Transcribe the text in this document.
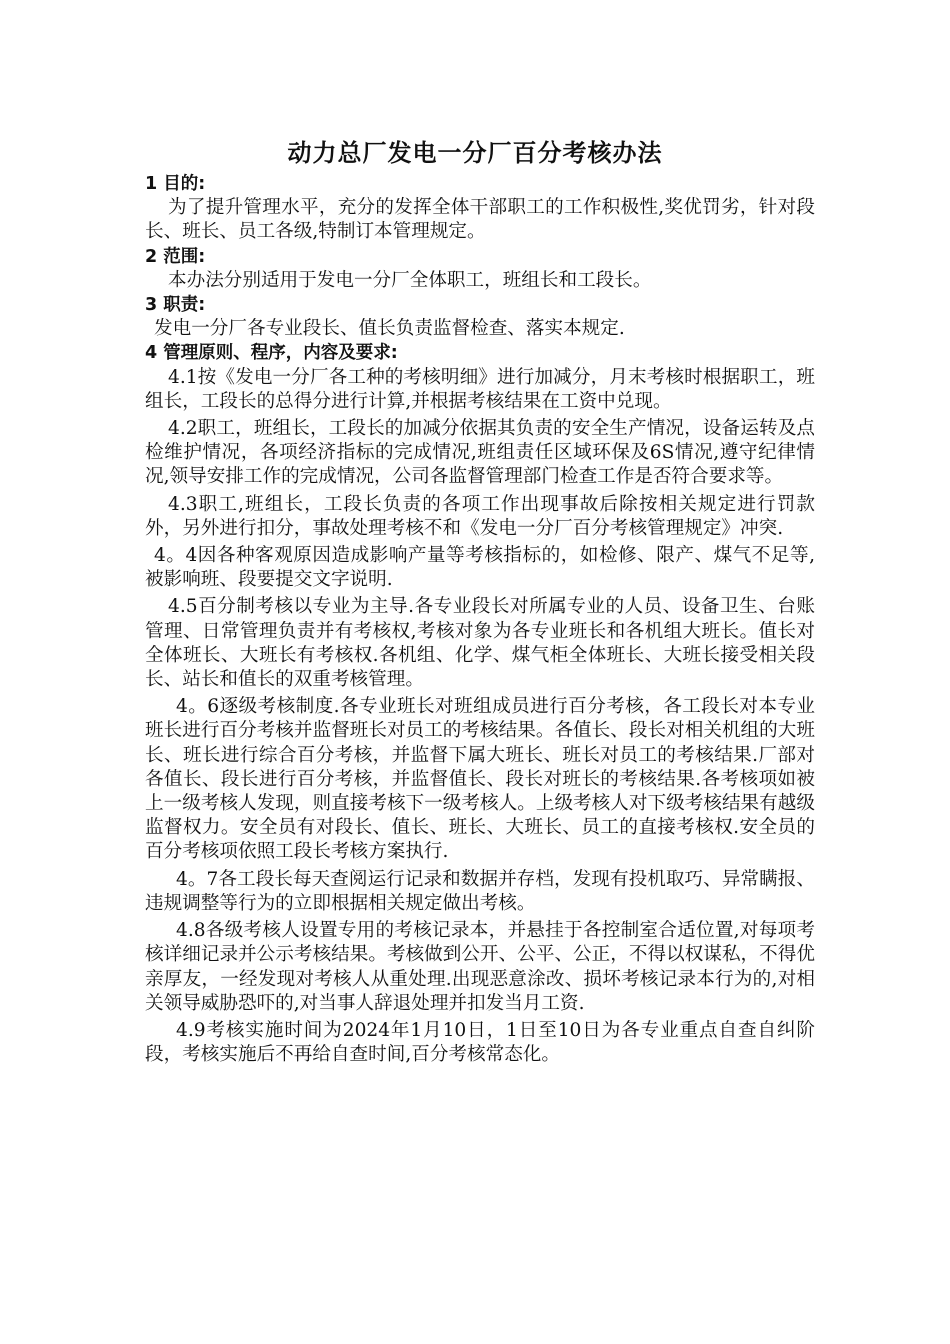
动力总厂发电一分厂百分考核办法
1 目的:

为了提升管理水平，充分的发挥全体干部职工的工作积极性,奖优罚劣，针对段长、班长、员工各级,特制订本管理规定。

2 范围:

本办法分别适用于发电一分厂全体职工，班组长和工段长。

3 职责:

发电一分厂各专业段长、值长负责监督检查、落实本规定.

4 管理原则、程序，内容及要求:

4.1按《发电一分厂各工种的考核明细》进行加减分，月末考核时根据职工，班组长，工段长的总得分进行计算,并根据考核结果在工资中兑现。

4.2职工，班组长，工段长的加减分依据其负责的安全生产情况，设备运转及点检维护情况，各项经济指标的完成情况,班组责任区域环保及6S情况,遵守纪律情况,领导安排工作的完成情况，公司各监督管理部门检查工作是否符合要求等。

4.3职工,班组长，工段长负责的各项工作出现事故后除按相关规定进行罚款外，另外进行扣分，事故处理考核不和《发电一分厂百分考核管理规定》冲突.

4。4因各种客观原因造成影响产量等考核指标的，如检修、限产、煤气不足等,被影响班、段要提交文字说明.

4.5百分制考核以专业为主导.各专业段长对所属专业的人员、设备卫生、台账管理、日常管理负责并有考核权,考核对象为各专业班长和各机组大班长。值长对全体班长、大班长有考核权.各机组、化学、煤气柜全体班长、大班长接受相关段长、站长和值长的双重考核管理。

4。6逐级考核制度.各专业班长对班组成员进行百分考核，各工段长对本专业班长进行百分考核并监督班长对员工的考核结果。各值长、段长对相关机组的大班长、班长进行综合百分考核，并监督下属大班长、班长对员工的考核结果.厂部对各值长、段长进行百分考核，并监督值长、段长对班长的考核结果.各考核项如被上一级考核人发现，则直接考核下一级考核人。上级考核人对下级考核结果有越级监督权力。安全员有对段长、值长、班长、大班长、员工的直接考核权.安全员的百分考核项依照工段长考核方案执行.

4。7各工段长每天查阅运行记录和数据并存档，发现有投机取巧、异常瞒报、违规调整等行为的立即根据相关规定做出考核。

4.8各级考核人设置专用的考核记录本，并悬挂于各控制室合适位置,对每项考核详细记录并公示考核结果。考核做到公开、公平、公正，不得以权谋私，不得优亲厚友，一经发现对考核人从重处理.出现恶意涂改、损坏考核记录本行为的,对相关领导威胁恐吓的,对当事人辞退处理并扣发当月工资.

4.9考核实施时间为2024年1月10日，1日至10日为各专业重点自查自纠阶段，考核实施后不再给自查时间,百分考核常态化。
